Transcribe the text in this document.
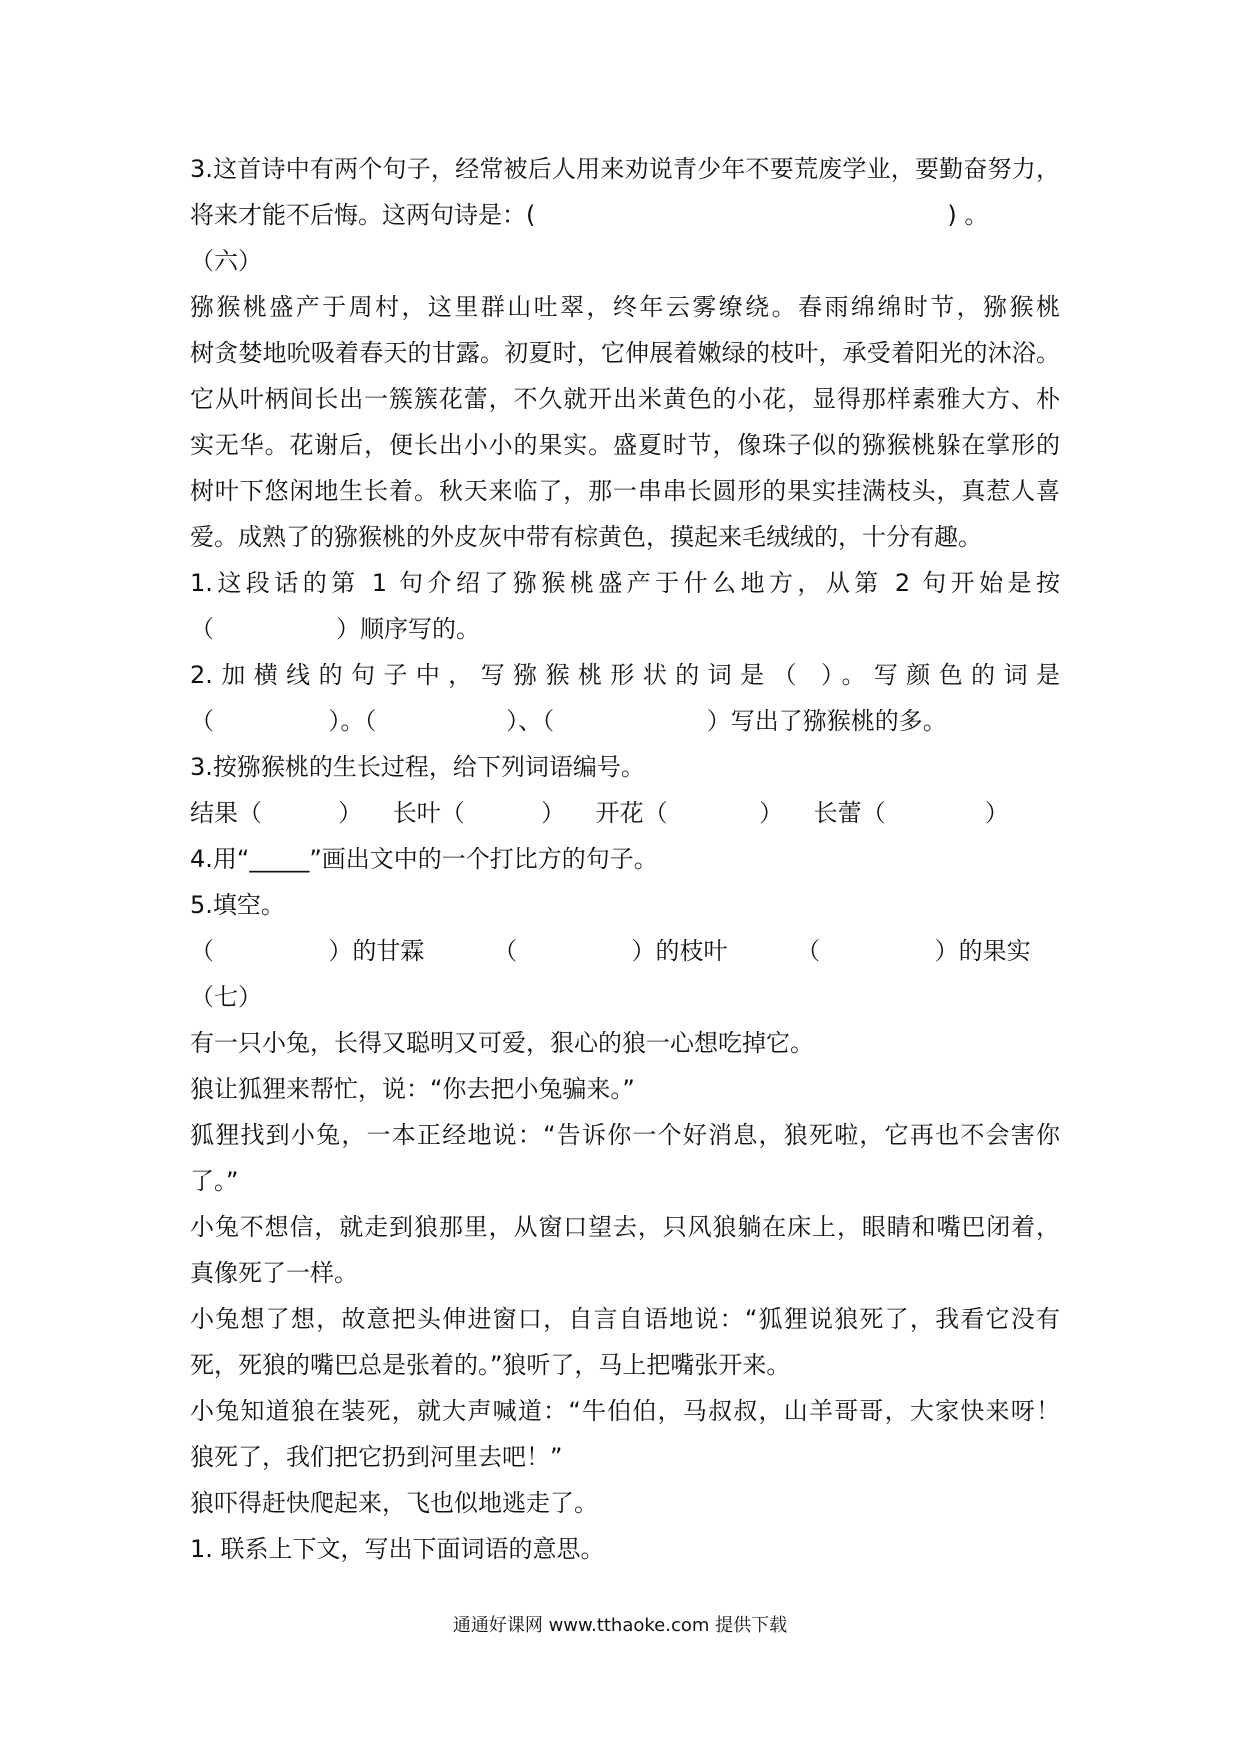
3.这首诗中有两个句子，经常被后人用来劝说青少年不要荒废学业，要勤奋努力，
将来才能不后悔。这两句诗是：(                                                      ) 。
（六）
猕猴桃盛产于周村，这里群山吐翠，终年云雾缭绕。春雨绵绵时节，猕猴桃
树贪婪地吮吸着春天的甘露。初夏时，它伸展着嫩绿的枝叶，承受着阳光的沐浴。
它从叶柄间长出一簇簇花蕾，不久就开出米黄色的小花，显得那样素雅大方、朴
实无华。花谢后，便长出小小的果实。盛夏时节，像珠子似的猕猴桃躲在掌形的
树叶下悠闲地生长着。秋天来临了，那一串串长圆形的果实挂满枝头，真惹人喜
爱。成熟了的猕猴桃的外皮灰中带有棕黄色，摸起来毛绒绒的，十分有趣。
1.这段话的第 1 句介绍了猕猴桃盛产于什么地方，从第 2 句开始是按
（                ）顺序写的。
2.加横线的句子中，写猕猴桃形状的词是（ ）。写颜色的词是
（               ）。（                 ）、（                    ）写出了猕猴桃的多。
3.按猕猴桃的生长过程，给下列词语编号。
结果（          ）    长叶（          ）    开花（            ）    长蕾（             ）
4.用“_____”画出文中的一个打比方的句子。
5.填空。
（               ）的甘霖         （               ）的枝叶         （               ）的果实
（七）
有一只小兔，长得又聪明又可爱，狠心的狼一心想吃掉它。
狼让狐狸来帮忙，说：“你去把小兔骗来。”
狐狸找到小兔，一本正经地说：“告诉你一个好消息，狼死啦，它再也不会害你
了。”
小兔不想信，就走到狼那里，从窗口望去，只风狼躺在床上，眼睛和嘴巴闭着，
真像死了一样。
小兔想了想，故意把头伸进窗口，自言自语地说：“狐狸说狼死了，我看它没有
死，死狼的嘴巴总是张着的。”狼听了，马上把嘴张开来。
小兔知道狼在装死，就大声喊道：“牛伯伯，马叔叔，山羊哥哥，大家快来呀！
狼死了，我们把它扔到河里去吧！”
狼吓得赶快爬起来，飞也似地逃走了。
1. 联系上下文，写出下面词语的意思。
通通好课网 www.tthaoke.com 提供下载
